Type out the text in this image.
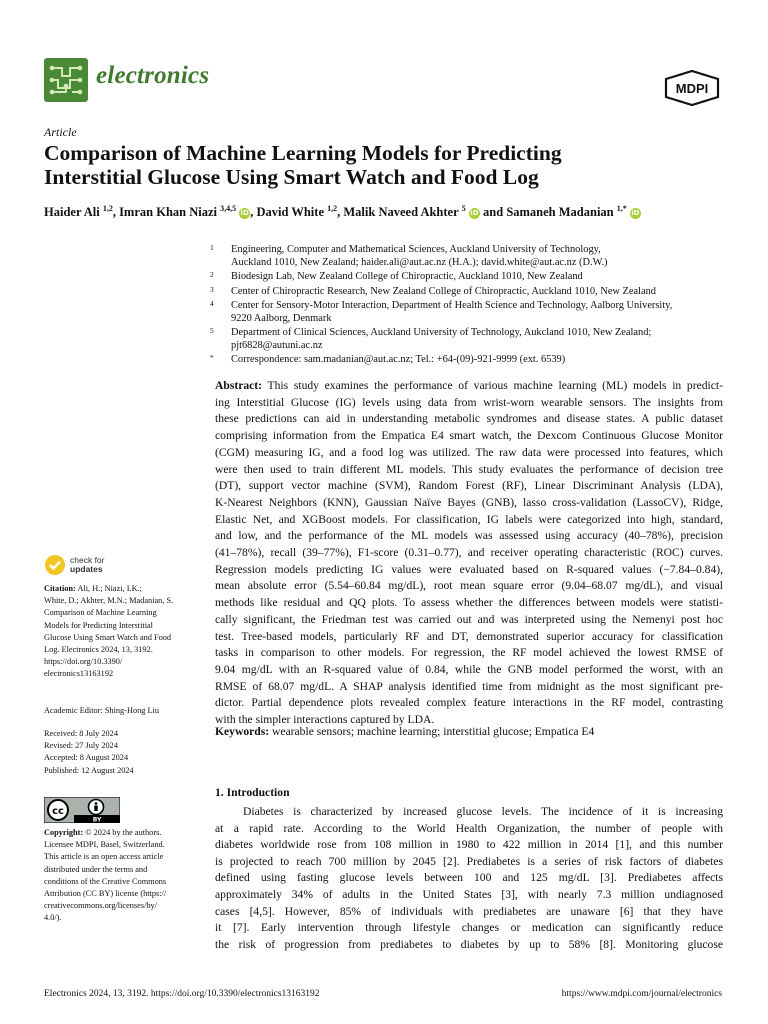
electronics	MDPI
Article
Comparison of Machine Learning Models for Predicting
Interstitial Glucose Using Smart Watch and Food Log
Haider Ali $^{1,2}$, Imran Khan Niazi $^{3,4,5}$ iD, David White $^{1,2}$, Malik Naveed Akhter $^5$ iD and Samaneh Madanian $^{1,*}$ iD
1 Engineering, Computer and Mathematical Sciences, Auckland University of Technology,
Auckland 1010, New Zealand; haider.ali@aut.ac.nz (H.A.); david.white@aut.ac.nz (D.W.)
2 Biodesign Lab, New Zealand College of Chiropractic, Auckland 1010, New Zealand
3 Center of Chiropractic Research, New Zealand College of Chiropractic, Auckland 1010, New Zealand
4 Center for Sensory-Motor Interaction, Department of Health Science and Technology, Aalborg University,
9220 Aalborg, Denmark
5 Department of Clinical Sciences, Auckland University of Technology, Aukcland 1010, New Zealand;
pjt6828@autuni.ac.nz
* Correspondence: sam.madanian@aut.ac.nz; Tel.: +64-(09)-921-9999 (ext. 6539)
Abstract: This study examines the performance of various machine learning (ML) models in predict-
ing Interstitial Glucose (IG) levels using data from wrist-worn wearable sensors. The insights from
these predictions can aid in understanding metabolic syndromes and disease states. A public dataset
comprising information from the Empatica E4 smart watch, the Dexcom Continuous Glucose Monitor
(CGM) measuring IG, and a food log was utilized. The raw data were processed into features, which
were then used to train different ML models. This study evaluates the performance of decision tree
(DT), support vector machine (SVM), Random Forest (RF), Linear Discriminant Analysis (LDA),
K-Nearest Neighbors (KNN), Gaussian Naïve Bayes (GNB), lasso cross-validation (LassoCV), Ridge,
Elastic Net, and XGBoost models. For classification, IG labels were categorized into high, standard,
and low, and the performance of the ML models was assessed using accuracy (40–78%), precision
(41–78%), recall (39–77%), F1-score (0.31–0.77), and receiver operating characteristic (ROC) curves.
Regression models predicting IG values were evaluated based on R-squared values (−7.84–0.84),
mean absolute error (5.54–60.84 mg/dL), root mean square error (9.04–68.07 mg/dL), and visual
methods like residual and QQ plots. To assess whether the differences between models were statisti-
cally significant, the Friedman test was carried out and was interpreted using the Nemenyi post hoc
test. Tree-based models, particularly RF and DT, demonstrated superior accuracy for classification
tasks in comparison to other models. For regression, the RF model achieved the lowest RMSE of
9.04 mg/dL with an R-squared value of 0.84, while the GNB model performed the worst, with an
RMSE of 68.07 mg/dL. A SHAP analysis identified time from midnight as the most significant pre-
dictor. Partial dependence plots revealed complex feature interactions in the RF model, contrasting
with the simpler interactions captured by LDA.
Keywords: wearable sensors; machine learning; interstitial glucose; Empatica E4
check for
updates
Citation: Ali, H.; Niazi, I.K.;
White, D.; Akhter, M.N.; Madanian, S.
Comparison of Machine Learning
Models for Predicting Interstitial
Glucose Using Smart Watch and Food
Log. Electronics 2024, 13, 3192.
https://doi.org/10.3390/
electronics13163192
Academic Editor: Shing-Hong Liu
Received: 8 July 2024
Revised: 27 July 2024
Accepted: 8 August 2024
Published: 12 August 2024
cc
BY
Copyright: © 2024 by the authors.
Licensee MDPI, Basel, Switzerland.
This article is an open access article
distributed under the terms and
conditions of the Creative Commons
Attribution (CC BY) license (https://
creativecommons.org/licenses/by/
4.0/).
1. Introduction
Diabetes is characterized by increased glucose levels. The incidence of it is increasing
at a rapid rate. According to the World Health Organization, the number of people with
diabetes worldwide rose from 108 million in 1980 to 422 million in 2014 [1], and this number
is projected to reach 700 million by 2045 [2]. Prediabetes is a series of risk factors of diabetes
defined using fasting glucose levels between 100 and 125 mg/dL [3]. Prediabetes affects
approximately 34% of adults in the United States [3], with nearly 7.3 million undiagnosed
cases [4,5]. However, 85% of individuals with prediabetes are unaware [6] that they have
it [7]. Early intervention through lifestyle changes or medication can significantly reduce
the risk of progression from prediabetes to diabetes by up to 58% [8]. Monitoring glucose
Electronics 2024, 13, 3192. https://doi.org/10.3390/electronics13163192	https://www.mdpi.com/journal/electronics
